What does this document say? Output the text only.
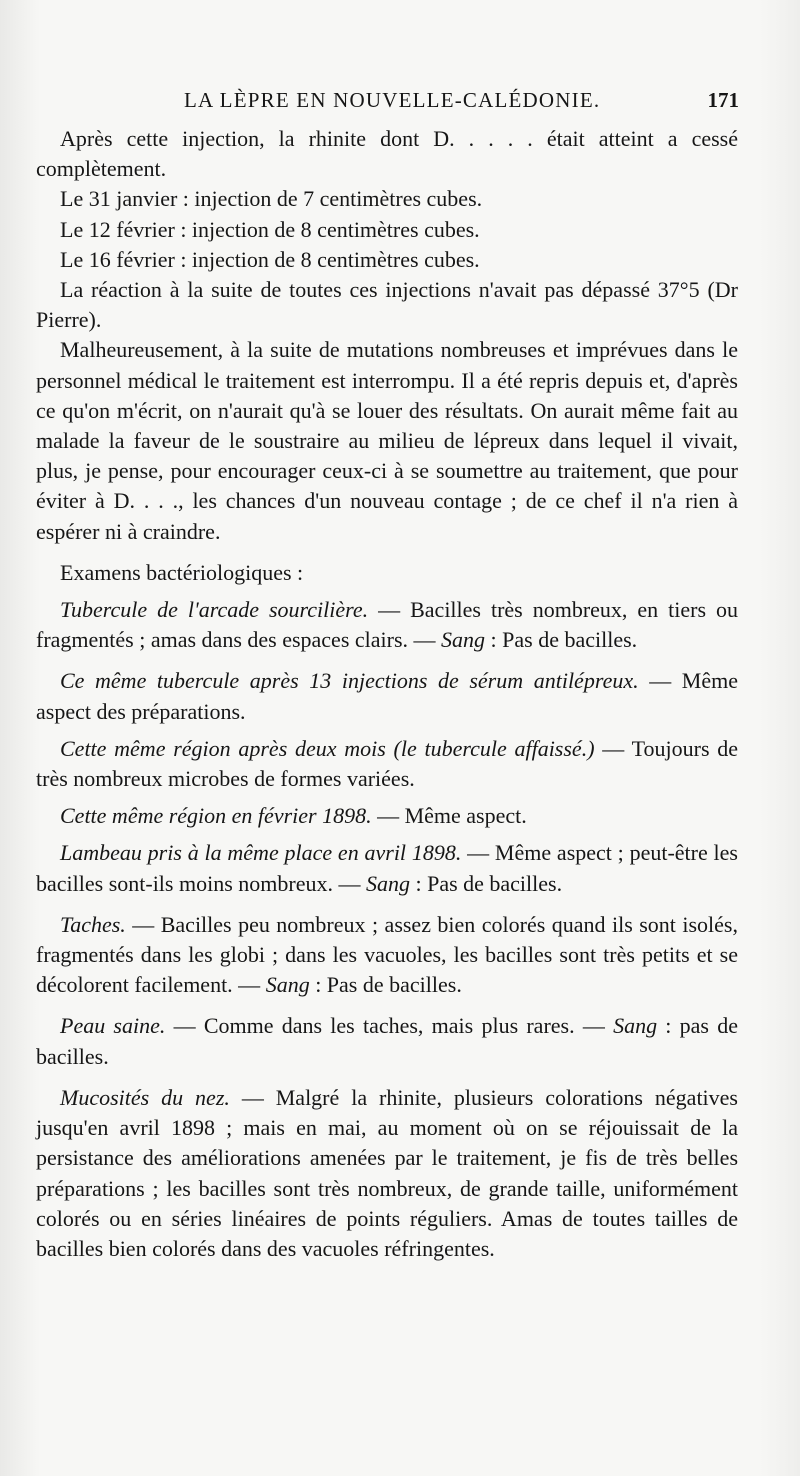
LA LÈPRE EN NOUVELLE-CALÉDONIE.	171

Après cette injection, la rhinite dont D. . . . . était atteint a cessé complètement.

Le 31 janvier : injection de 7 centimètres cubes.

Le 12 février : injection de 8 centimètres cubes.

Le 16 février : injection de 8 centimètres cubes.

La réaction à la suite de toutes ces injections n'avait pas dépassé 37°5 (Dr Pierre).

Malheureusement, à la suite de mutations nombreuses et imprévues dans le personnel médical le traitement est interrompu. Il a été repris depuis et, d'après ce qu'on m'écrit, on n'aurait qu'à se louer des résultats. On aurait même fait au malade la faveur de le soustraire au milieu de lépreux dans lequel il vivait, plus, je pense, pour encourager ceux-ci à se soumettre au traitement, que pour éviter à D. . . ., les chances d'un nouveau contage ; de ce chef il n'a rien à espérer ni à craindre.

Examens bactériologiques :

Tubercule de l'arcade sourcilière. — Bacilles très nombreux, en tiers ou fragmentés ; amas dans des espaces clairs. — Sang : Pas de bacilles.

Ce même tubercule après 13 injections de sérum antilépreux. — Même aspect des préparations.

Cette même région après deux mois (le tubercule affaissé.) — Toujours de très nombreux microbes de formes variées.

Cette même région en février 1898. — Même aspect.

Lambeau pris à la même place en avril 1898. — Même aspect ; peut-être les bacilles sont-ils moins nombreux. — Sang : Pas de bacilles.

Taches. — Bacilles peu nombreux ; assez bien colorés quand ils sont isolés, fragmentés dans les globi ; dans les vacuoles, les bacilles sont très petits et se décolorent facilement. — Sang : Pas de bacilles.

Peau saine. — Comme dans les taches, mais plus rares. — Sang : pas de bacilles.

Mucosités du nez. — Malgré la rhinite, plusieurs colorations négatives jusqu'en avril 1898 ; mais en mai, au moment où on se réjouissait de la persistance des améliorations amenées par le traitement, je fis de très belles préparations ; les bacilles sont très nombreux, de grande taille, uniformément colorés ou en séries linéaires de points réguliers. Amas de toutes tailles de bacilles bien colorés dans des vacuoles réfringentes.
